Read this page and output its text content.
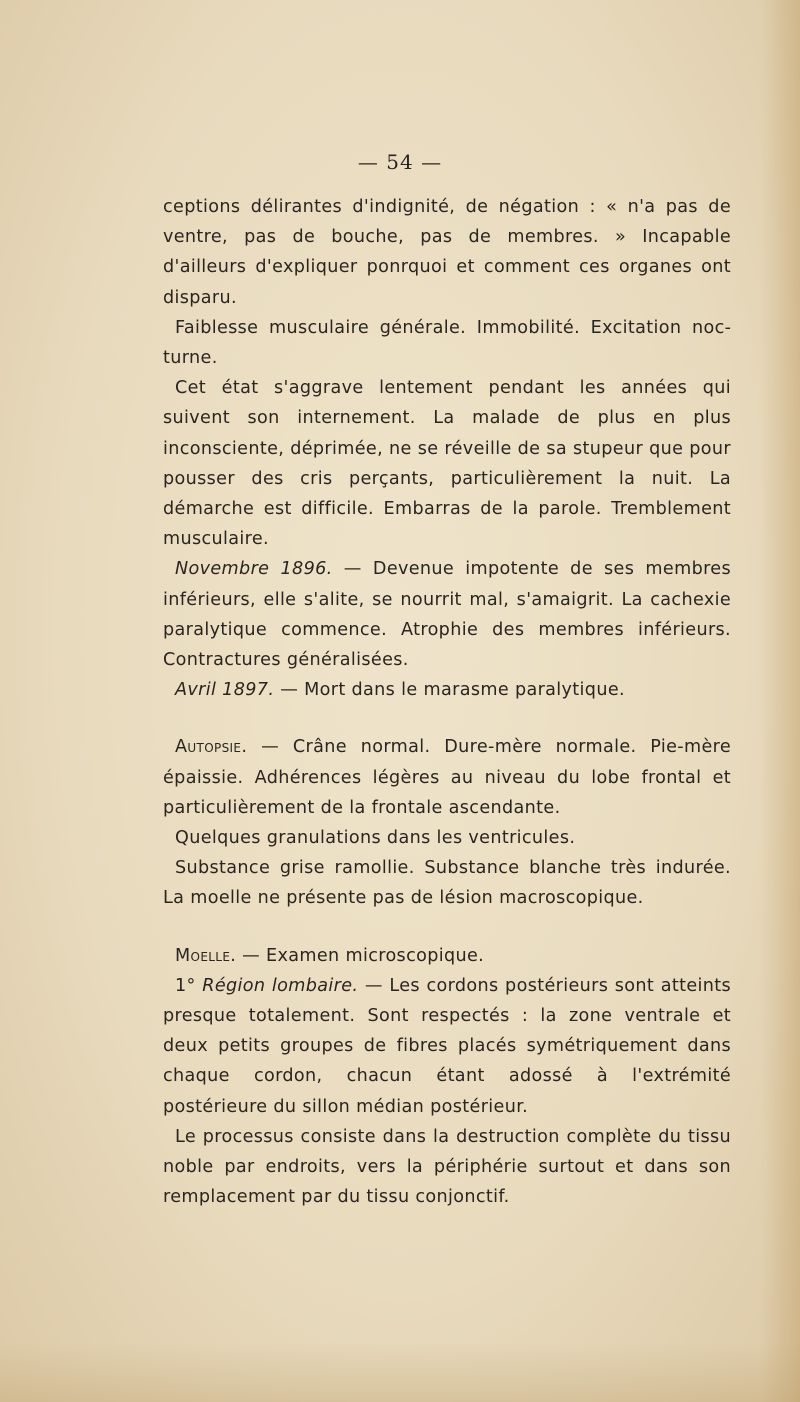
— 54 —

ceptions délirantes d'indignité, de négation : « n'a pas de ventre, pas de bouche, pas de membres. » Incapable d'ailleurs d'expliquer ponrquoi et comment ces organes ont disparu.

Faiblesse musculaire générale. Immobilité. Excitation nocturne.

Cet état s'aggrave lentement pendant les années qui suivent son internement. La malade de plus en plus inconsciente, déprimée, ne se réveille de sa stupeur que pour pousser des cris perçants, particulièrement la nuit. La démarche est difficile. Embarras de la parole. Tremblement musculaire.

Novembre 1896. — Devenue impotente de ses membres inférieurs, elle s'alite, se nourrit mal, s'amaigrit. La cachexie paralytique commence. Atrophie des membres inférieurs. Contractures généralisées.

Avril 1897. — Mort dans le marasme paralytique.

Autopsie. — Crâne normal. Dure-mère normale. Pie-mère épaissie. Adhérences légères au niveau du lobe frontal et particulièrement de la frontale ascendante.

Quelques granulations dans les ventricules.

Substance grise ramollie. Substance blanche très indurée. La moelle ne présente pas de lésion macroscopique.

Moelle. — Examen microscopique.

1° Région lombaire. — Les cordons postérieurs sont atteints presque totalement. Sont respectés : la zone ventrale et deux petits groupes de fibres placés symétriquement dans chaque cordon, chacun étant adossé à l'extrémité postérieure du sillon médian postérieur.

Le processus consiste dans la destruction complète du tissu noble par endroits, vers la périphérie surtout et dans son remplacement par du tissu conjonctif.
